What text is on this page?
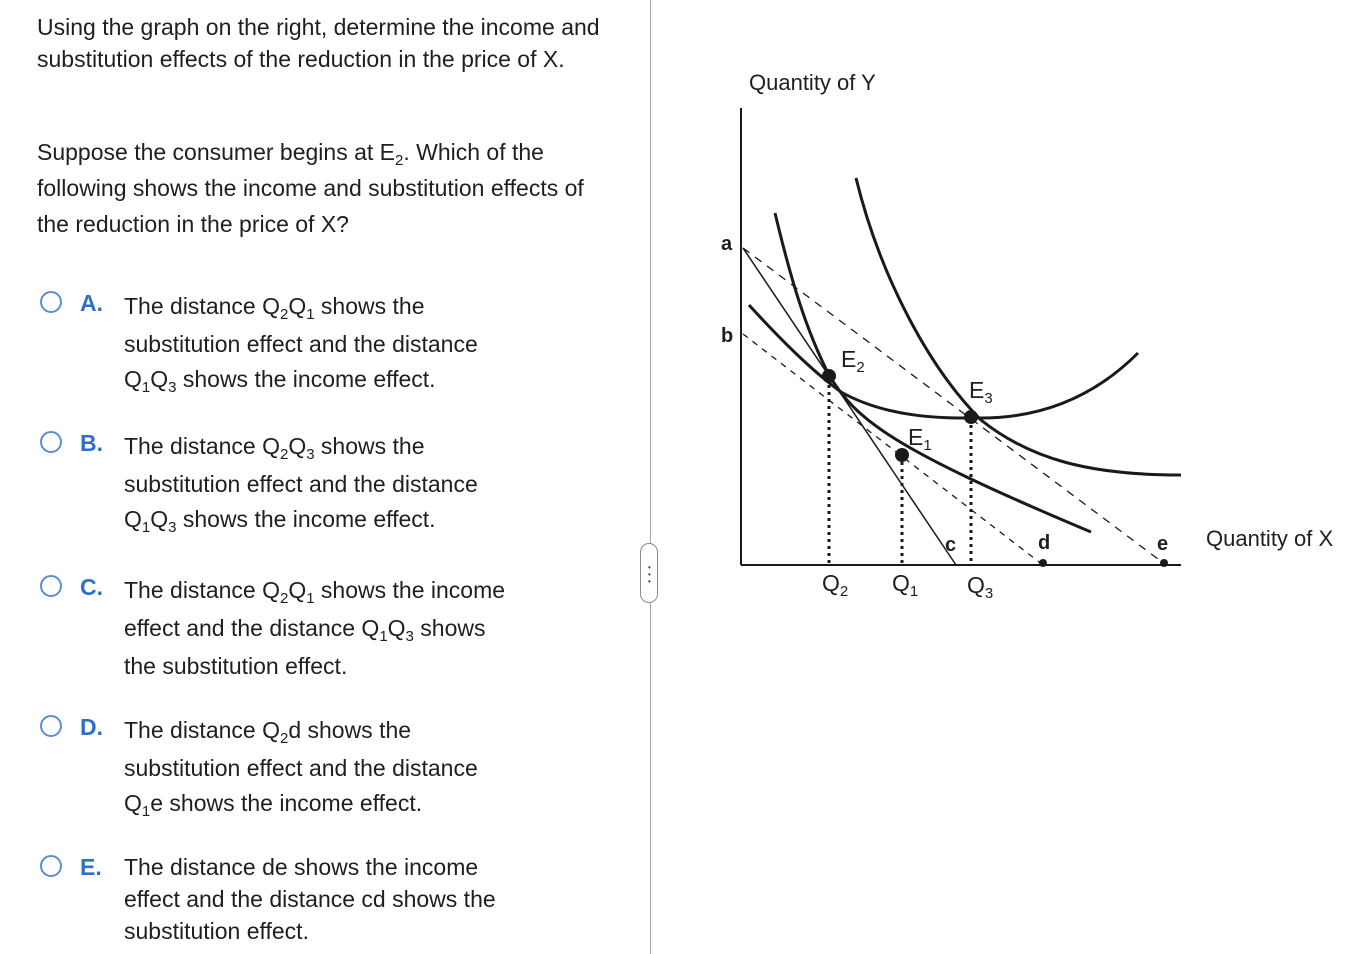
Using the graph on the right, determine the income and substitution effects of the reduction in the price of X.

Suppose the consumer begins at $E_2$. Which of the following shows the income and substitution effects of the reduction in the price of X?

A. The distance $Q_2Q_1$ shows the
substitution effect and the distance
$Q_1Q_3$ shows the income effect.
B. The distance $Q_2Q_3$ shows the
substitution effect and the distance
$Q_1Q_3$ shows the income effect.
C. The distance $Q_2Q_1$ shows the income
effect and the distance $Q_1Q_3$ shows
the substitution effect.
D. The distance $Q_2d$ shows the
substitution effect and the distance
$Q_1e$ shows the income effect.
E. The distance de shows the income
effect and the distance cd shows the
substitution effect.
•
•
•
Quantity of Y
Quantity of X
a
b
c	d	e
$E_2$
$E_1$
$E_3$
$Q_2$ $Q_1$ $Q_3$
